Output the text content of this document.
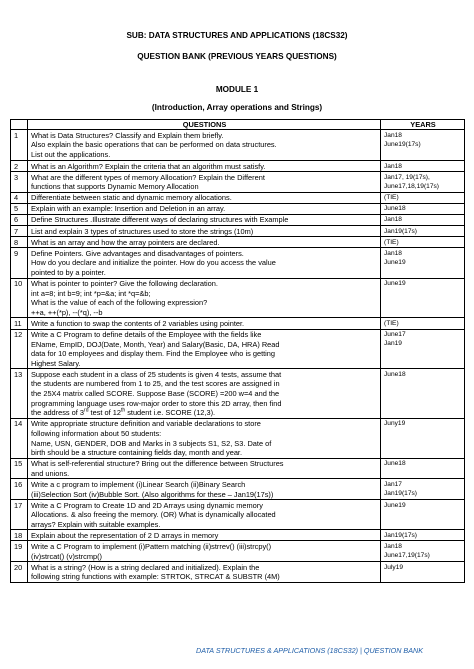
SUB: DATA STRUCTURES AND APPLICATIONS (18CS32)
QUESTION BANK (PREVIOUS YEARS QUESTIONS)
MODULE 1
(Introduction, Array operations and Strings)
	QUESTIONS	YEARS
1	What is Data Structures? Classify and Explain them briefly.
Also explain the basic operations that can be performed on data structures.
List out the applications.	Jan18
June19(17s)

2	What is an Algorithm? Explain the criteria that an algorithm must satisfy.	Jan18

3	What are the different types of memory Allocation? Explain the Different
functions that supports Dynamic Memory Allocation	Jan17, 19(17s),
June17,18,19(17s)

4	Differentiate between static and dynamic memory allocations.	(TIE)

5	Explain with an example: Insertion and Deletion in an array.	June18

6	Define Structures .Illustrate different ways of declaring structures with Example	Jan18

7	List and explain 3 types of structures used to store the strings (10m)	Jan19(17s)

8	What is an array and how the array pointers are declared.	(TIE)

9	Define Pointers. Give advantages and disadvantages of pointers.
How do you declare and initialize the pointer. How do you access the value
pointed to by a pointer.	Jan18
June19

10	What is pointer to pointer? Give the following declaration.
int a=8; int b=9; int *p=&a; int *q=&b;
What is the value of each of the following expression?
++a, ++(*p), --(*q), --b	June19

11	Write a function to swap the contents of 2 variables using pointer.	(TIE)

12	Write a C Program to define details of the Employee with the fields like
EName, EmpID, DOJ(Date, Month, Year) and Salary(Basic, DA, HRA) Read
data for 10 employees and display them. Find the Employee who is getting
Highest Salary.	June17
Jan19

13	Suppose each student in a class of 25 students is given 4 tests, assume that
the students are numbered from 1 to 25, and the test scores are assigned in
the 25X4 matrix called SCORE. Suppose Base (SCORE) =200 w=4 and the
programming language uses row-major order to store this 2D array, then find
the address of 3rd test of 12th student i.e. SCORE (12,3).	June18

14	Write appropriate structure definition and variable declarations to store
following information about 50 students:
Name, USN, GENDER, DOB and Marks in 3 subjects S1, S2, S3. Date of
birth should be a structure containing fields day, month and year.	Juny19

15	What is self-referential structure? Bring out the difference between Structures
and unions.	June18

16	Write a c program to implement (i)Linear Search (ii)Binary Search
(iii)Selection Sort (iv)Bubble Sort. (Also algorithms for these – Jan19(17s))	Jan17
Jan19(17s)

17	Write a C Program to Create 1D and 2D Arrays using dynamic memory
Allocations. & also freeing the memory. (OR) What is dynamically allocated
arrays? Explain with suitable examples.	June19

18	Explain about the representation of 2 D arrays in memory	Jan19(17s)

19	Write a C Program to implement (i)Pattern matching (ii)strrev() (iii)strcpy()
(iv)strcat() (v)strcmp()	Jan18
June17,19(17s)

20	What is a string? (How is a string declared and initialized). Explain the
following string functions with example: STRTOK, STRCAT & SUBSTR (4M)	July19
DATA STRUCTURES & APPLICATIONS (18CS32) | QUESTION BANK
